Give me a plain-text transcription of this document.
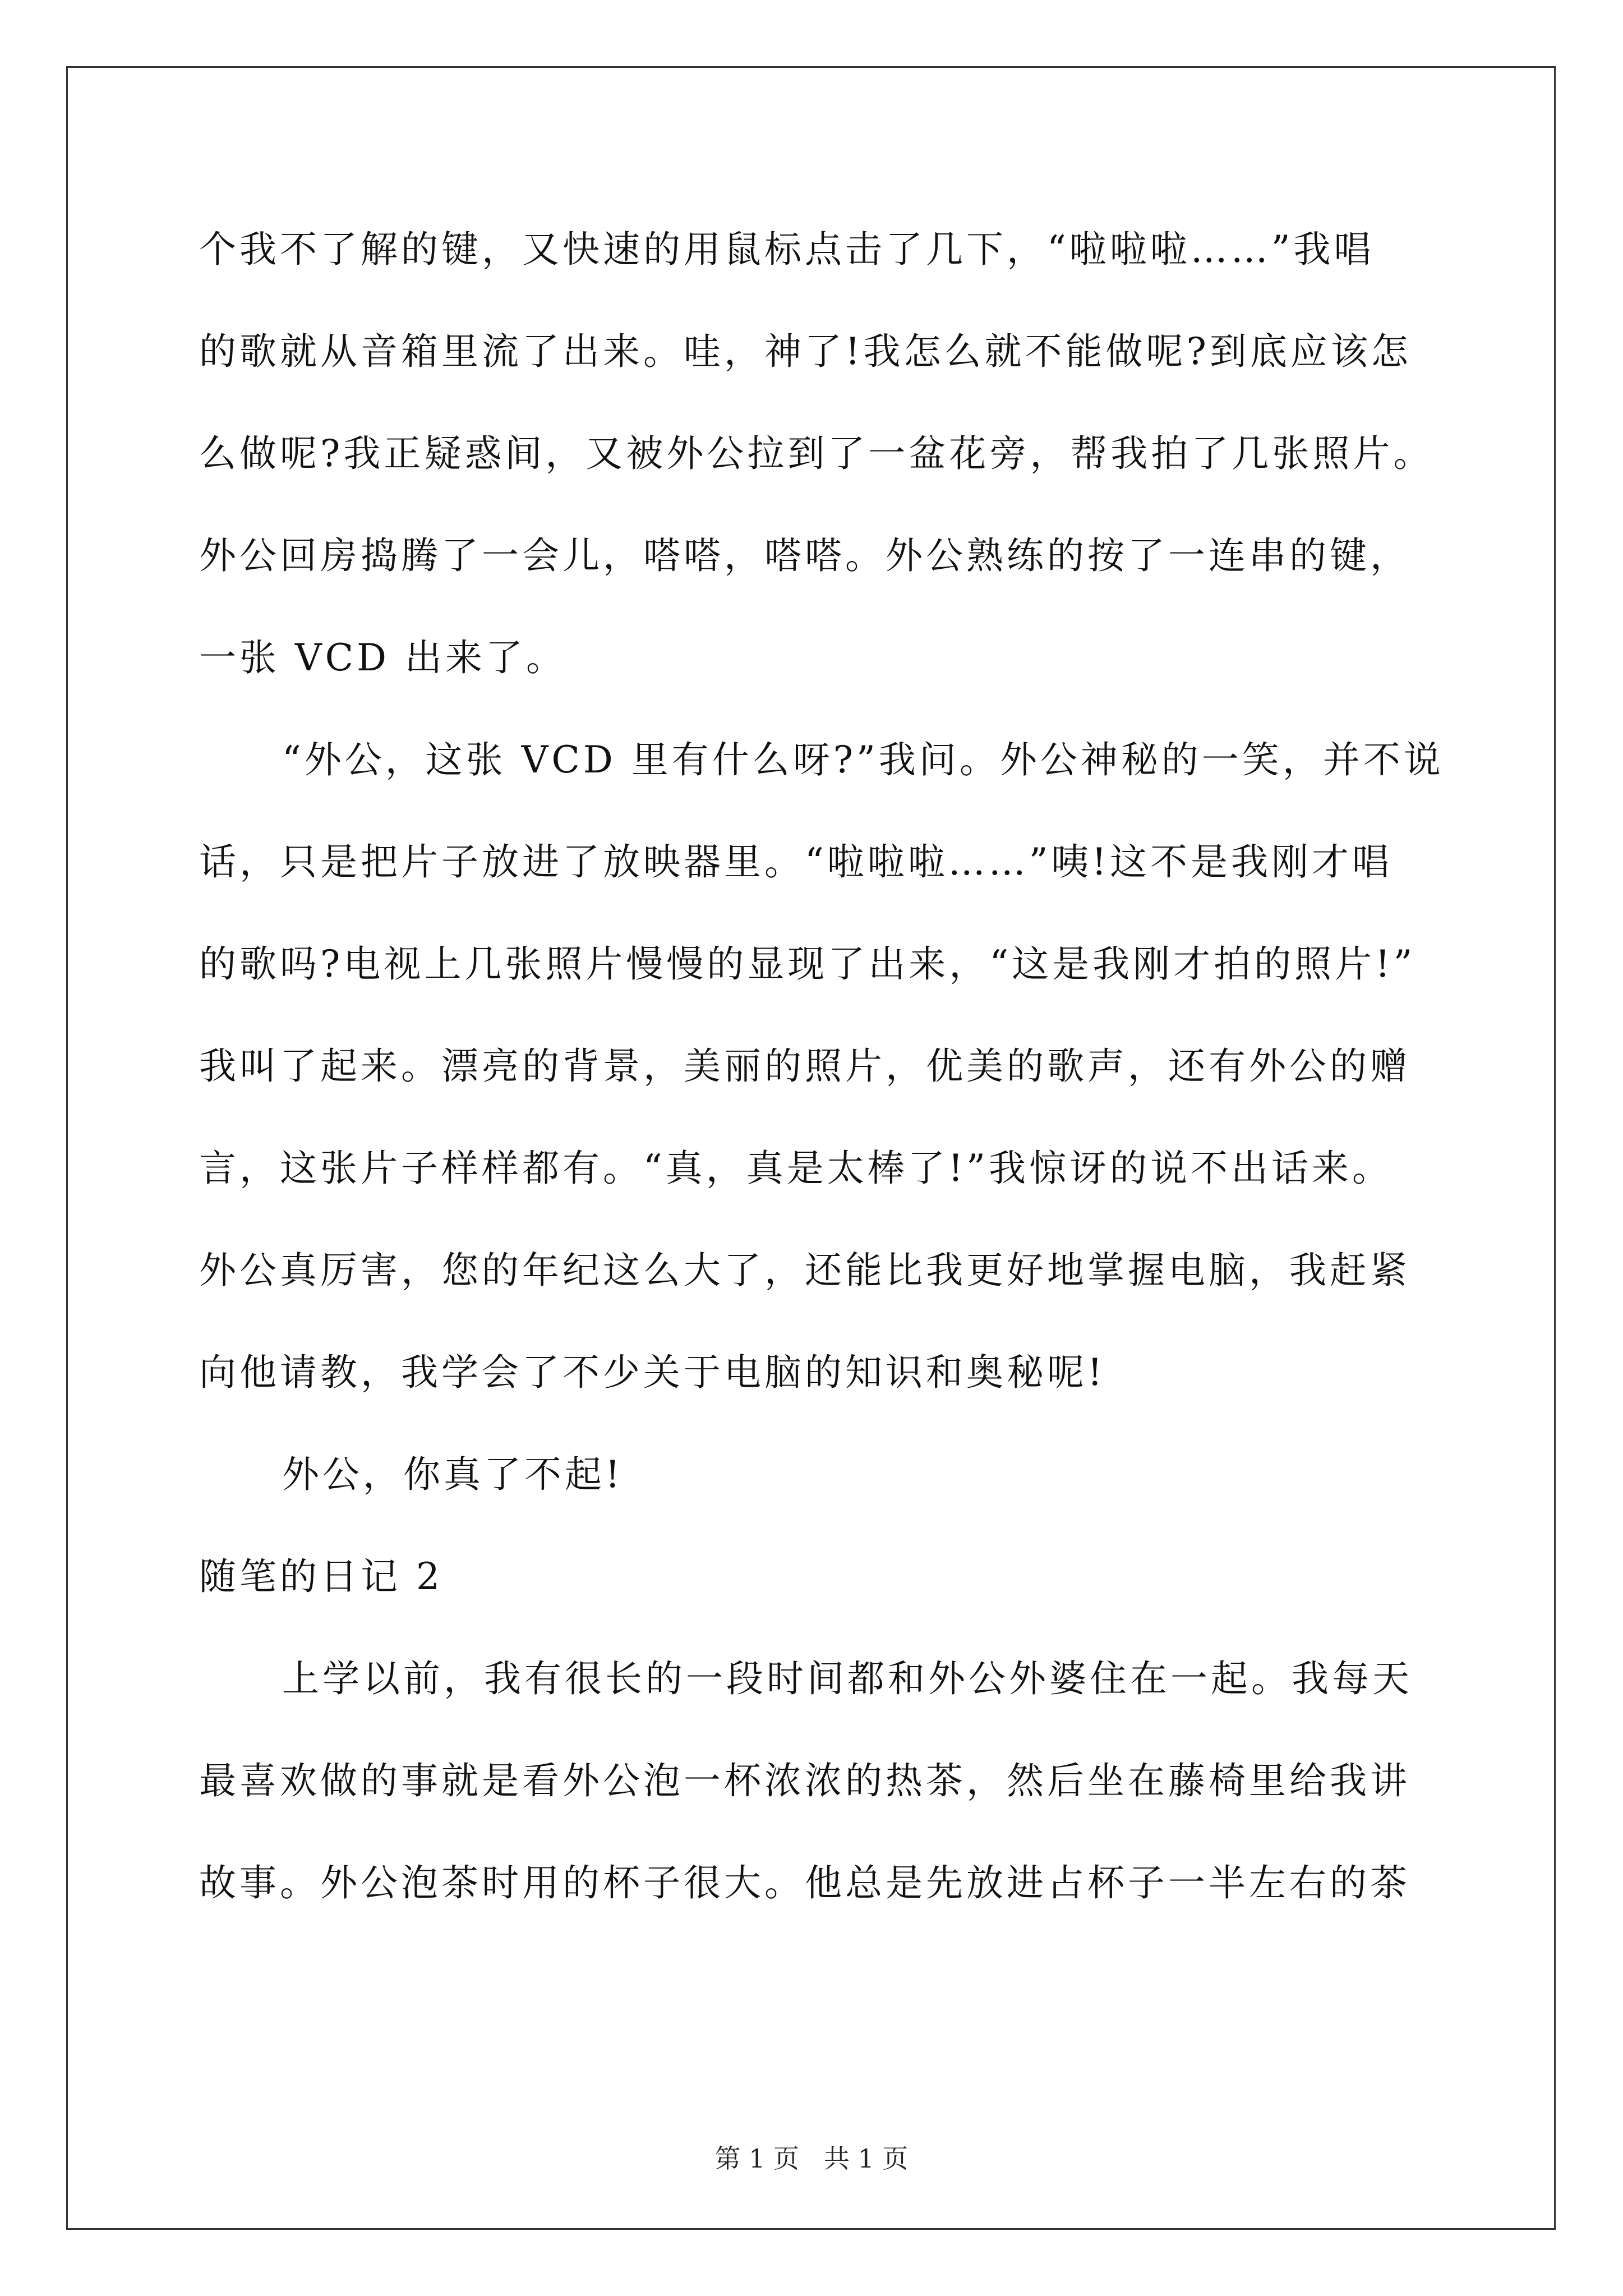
个我不了解的键，又快速的用鼠标点击了几下，“啦啦啦……”我唱
的歌就从音箱里流了出来。哇，神了!我怎么就不能做呢?到底应该怎
么做呢?我正疑惑间，又被外公拉到了一盆花旁，帮我拍了几张照片。
外公回房捣腾了一会儿，嗒嗒，嗒嗒。外公熟练的按了一连串的键，
一张 VCD 出来了。
“外公，这张 VCD 里有什么呀?”我问。外公神秘的一笑，并不说
话，只是把片子放进了放映器里。“啦啦啦……”咦!这不是我刚才唱
的歌吗?电视上几张照片慢慢的显现了出来，“这是我刚才拍的照片!”
我叫了起来。漂亮的背景，美丽的照片，优美的歌声，还有外公的赠
言，这张片子样样都有。“真，真是太棒了!”我惊讶的说不出话来。
外公真厉害，您的年纪这么大了，还能比我更好地掌握电脑，我赶紧
向他请教，我学会了不少关于电脑的知识和奥秘呢!
外公，你真了不起!
随笔的日记 2
上学以前，我有很长的一段时间都和外公外婆住在一起。我每天
最喜欢做的事就是看外公泡一杯浓浓的热茶，然后坐在藤椅里给我讲
故事。外公泡茶时用的杯子很大。他总是先放进占杯子一半左右的茶
第 1 页   共 1 页
